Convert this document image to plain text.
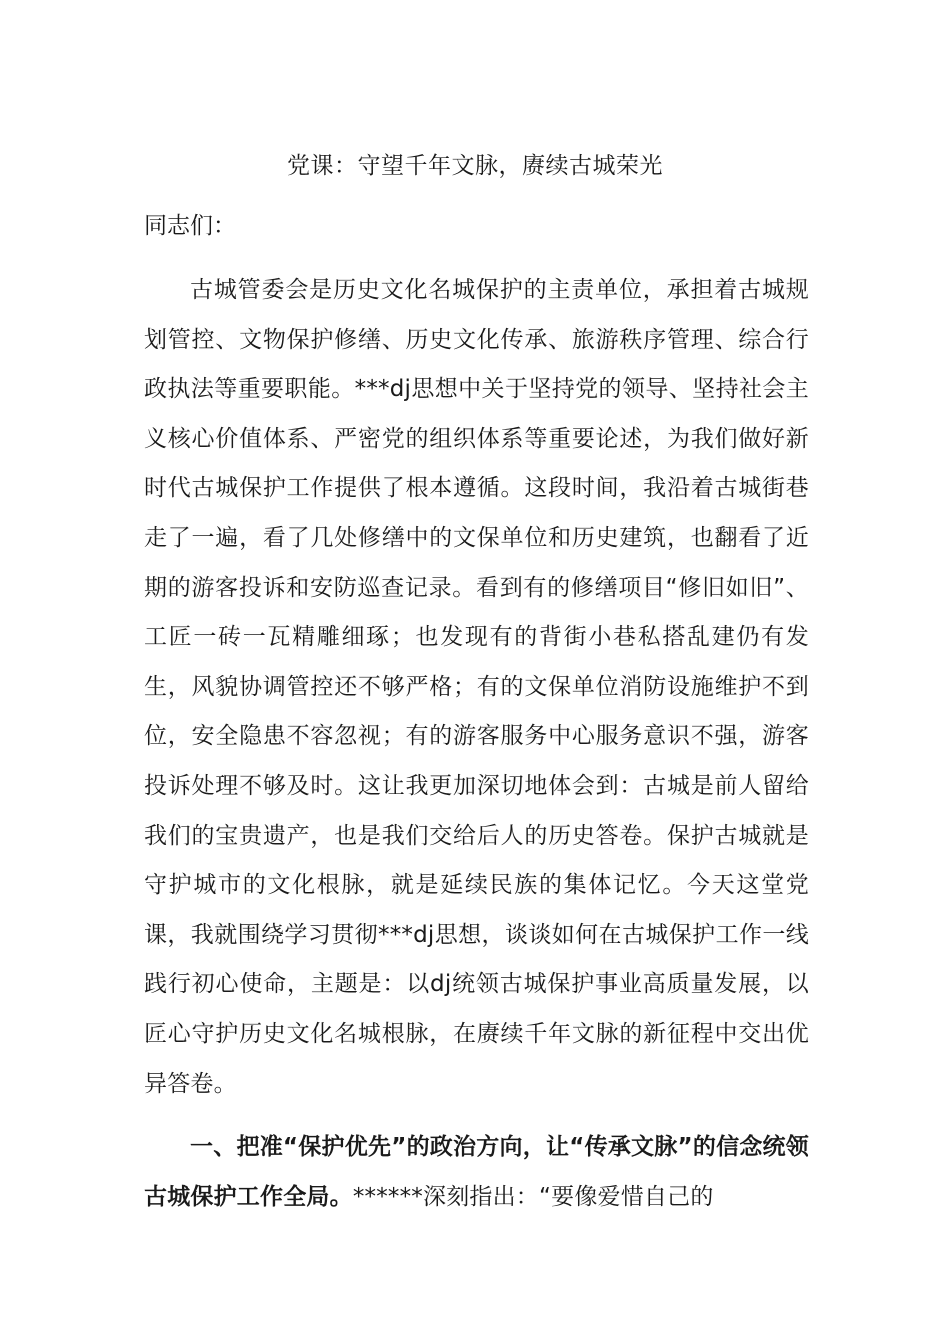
党课：守望千年文脉，赓续古城荣光

同志们：

古城管委会是历史文化名城保护的主责单位，承担着古城规划管控、文物保护修缮、历史文化传承、旅游秩序管理、综合行政执法等重要职能。***dj思想中关于坚持党的领导、坚持社会主义核心价值体系、严密党的组织体系等重要论述，为我们做好新时代古城保护工作提供了根本遵循。这段时间，我沿着古城街巷走了一遍，看了几处修缮中的文保单位和历史建筑，也翻看了近期的游客投诉和安防巡查记录。看到有的修缮项目“修旧如旧”、工匠一砖一瓦精雕细琢；也发现有的背街小巷私搭乱建仍有发生，风貌协调管控还不够严格；有的文保单位消防设施维护不到位，安全隐患不容忽视；有的游客服务中心服务意识不强，游客投诉处理不够及时。这让我更加深切地体会到：古城是前人留给我们的宝贵遗产，也是我们交给后人的历史答卷。保护古城就是守护城市的文化根脉，就是延续民族的集体记忆。今天这堂党课，我就围绕学习贯彻***dj思想，谈谈如何在古城保护工作一线践行初心使命，主题是：以dj统领古城保护事业高质量发展，以匠心守护历史文化名城根脉，在赓续千年文脉的新征程中交出优异答卷。

一、把准“保护优先”的政治方向，让“传承文脉”的信念统领古城保护工作全局。******深刻指出：“要像爱惜自己的
